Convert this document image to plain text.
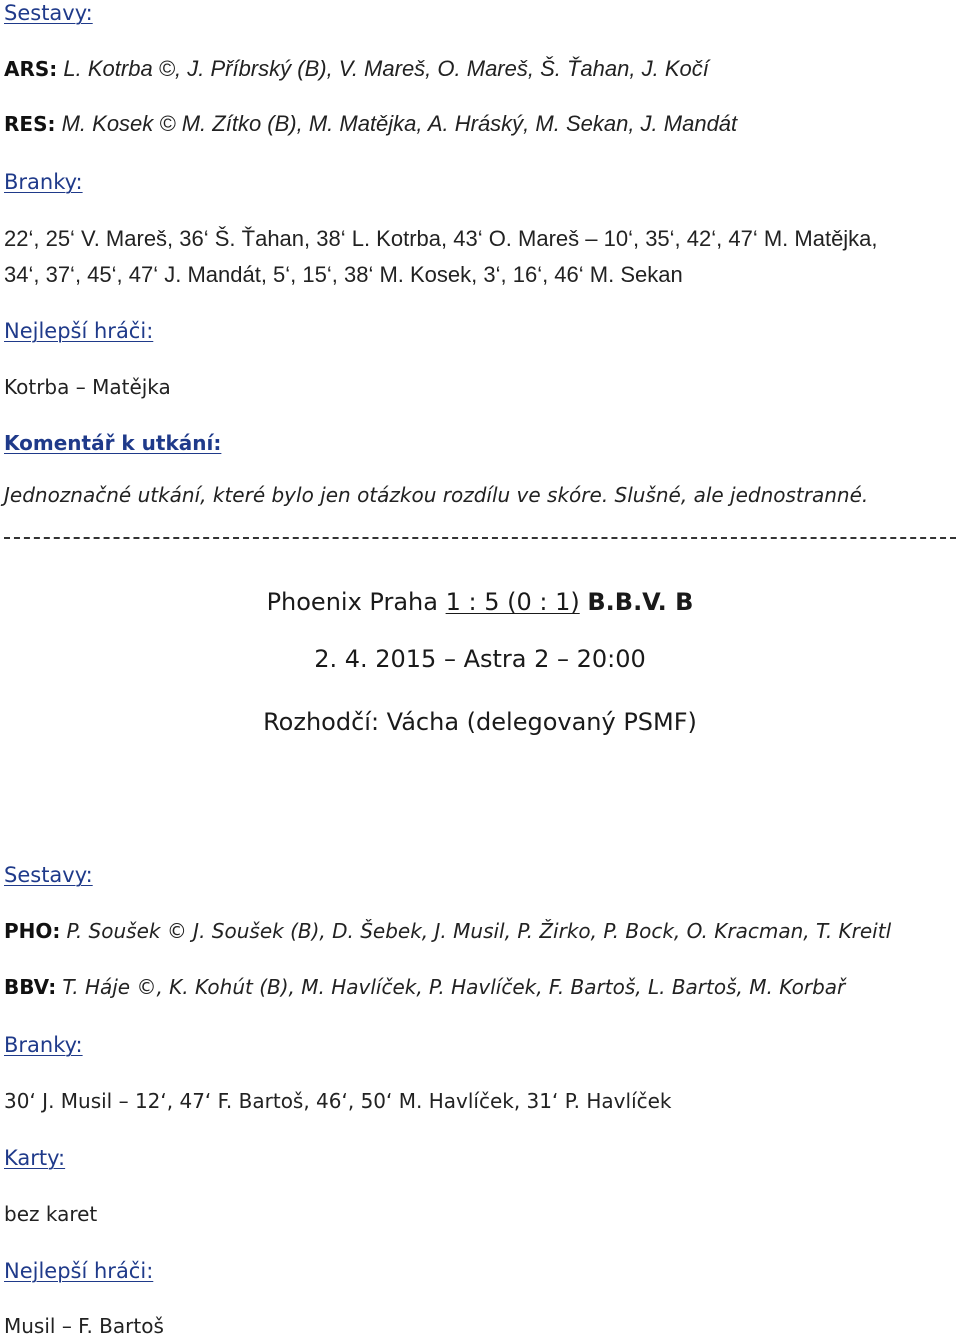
Sestavy:
ARS: L. Kotrba ©, J. Příbrský (B), V. Mareš, O. Mareš, Š. Ťahan, J. Kočí
RES: M. Kosek © M. Zítko (B), M. Matějka, A. Hráský, M. Sekan, J. Mandát
Branky:
22‘, 25‘ V. Mareš, 36‘ Š. Ťahan, 38‘ L. Kotrba, 43‘ O. Mareš – 10‘, 35‘, 42‘, 47‘ M. Matějka,
34‘, 37‘, 45‘, 47‘ J. Mandát, 5‘, 15‘, 38‘ M. Kosek, 3‘, 16‘, 46‘ M. Sekan
Nejlepší hráči:
Kotrba – Matějka
Komentář k utkání:
Jednoznačné utkání, které bylo jen otázkou rozdílu ve skóre. Slušné, ale jednostranné.
Phoenix Praha 1 : 5 (0 : 1) B.B.V. B
2. 4. 2015 – Astra 2 – 20:00
Rozhodčí: Vácha (delegovaný PSMF)
Sestavy:
PHO: P. Soušek © J. Soušek (B), D. Šebek, J. Musil, P. Žirko, P. Bock, O. Kracman, T. Kreitl
BBV: T. Háje ©, K. Kohút (B), M. Havlíček, P. Havlíček, F. Bartoš, L. Bartoš, M. Korbař
Branky:
30‘ J. Musil – 12‘, 47‘ F. Bartoš, 46‘, 50‘ M. Havlíček, 31‘ P. Havlíček
Karty:
bez karet
Nejlepší hráči:
Musil – F. Bartoš
